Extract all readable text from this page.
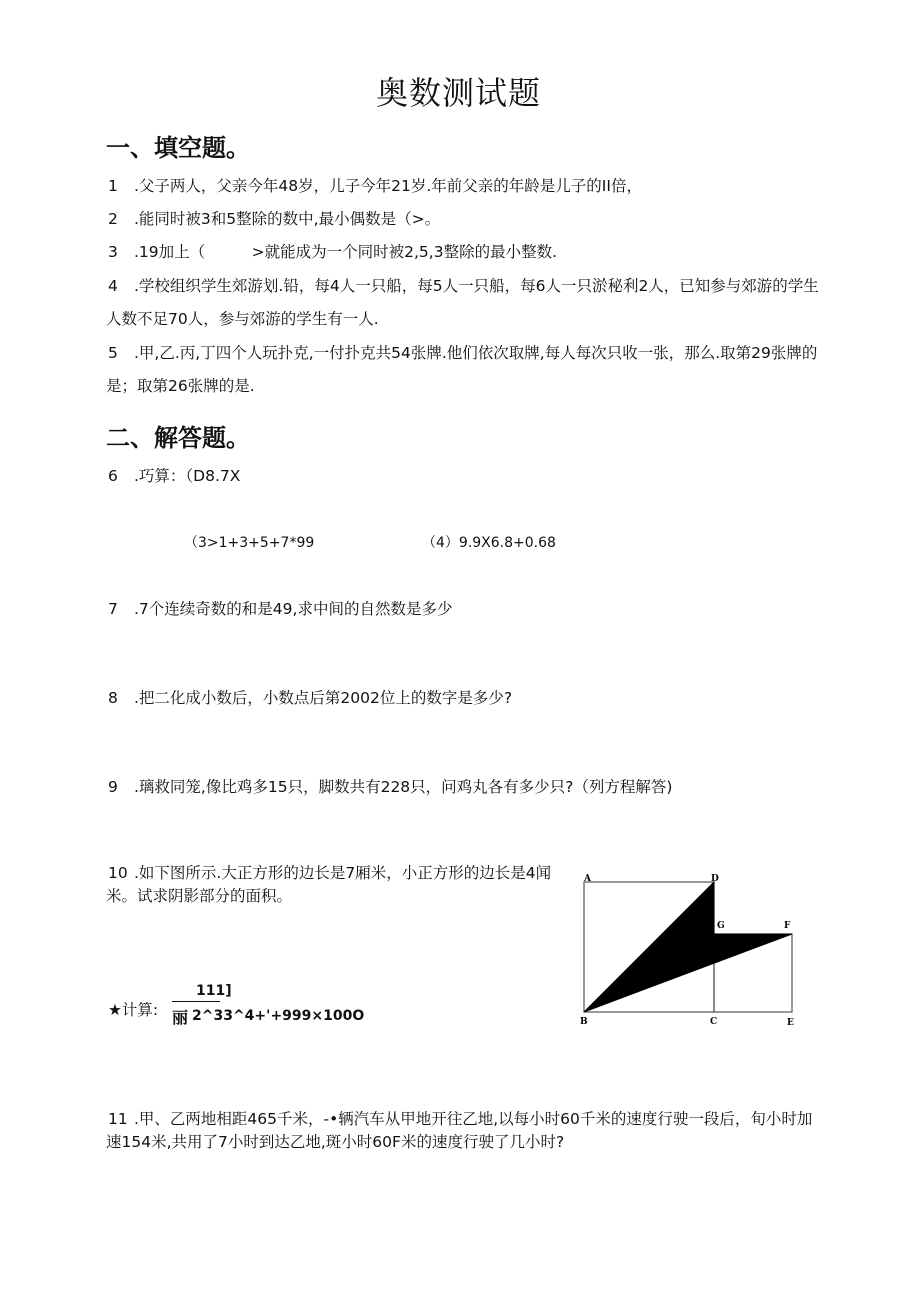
奥数测试题
一、填空题。
1 .父子两人，父亲今年48岁，儿子今年21岁.年前父亲的年龄是儿子的II倍，
2 .能同时被3和5整除的数中,最小偶数是（>。
3 .19加上（　　　>就能成为一个同时被2,5,3整除的最小整数.
4 .学校组织学生郊游划.铅，每4人一只船，每5人一只船，每6人一只淤秘利2人，已知参与郊游的学生
人数不足70人，参与郊游的学生有一人.
5 .甲,乙.丙,丁四个人玩扑克,一付扑克共54张牌.他们依次取牌,每人每次只收一张，那么.取第29张牌的
是；取第26张牌的是.
二、解答题。
6 .巧算：（D8.7X
（3>1+3+5+7*99	（4）9.9X6.8+0.68
7 .7个连续奇数的和是49,求中间的自然数是多少
8 .把二化成小数后，小数点后第2002位上的数字是多少?
9 .璃救同笼,像比鸡多15只，脚数共有228只，问鸡丸各有多少只?（列方程解答)
10 .如下图所示.大正方形的边长是7厢米，小正方形的边长是4闻
米。试求阴影部分的面积。
★计算:
111]
丽 2^33^4+'+999×100O
A	D
G	F
B	C	E
11 .甲、乙两地相距465千米，-•辆汽车从甲地开往乙地,以每小时60千米的速度行驶一段后，旬小时加
速154米,共用了7小时到达乙地,斑小时60F米的速度行驶了几小时?
